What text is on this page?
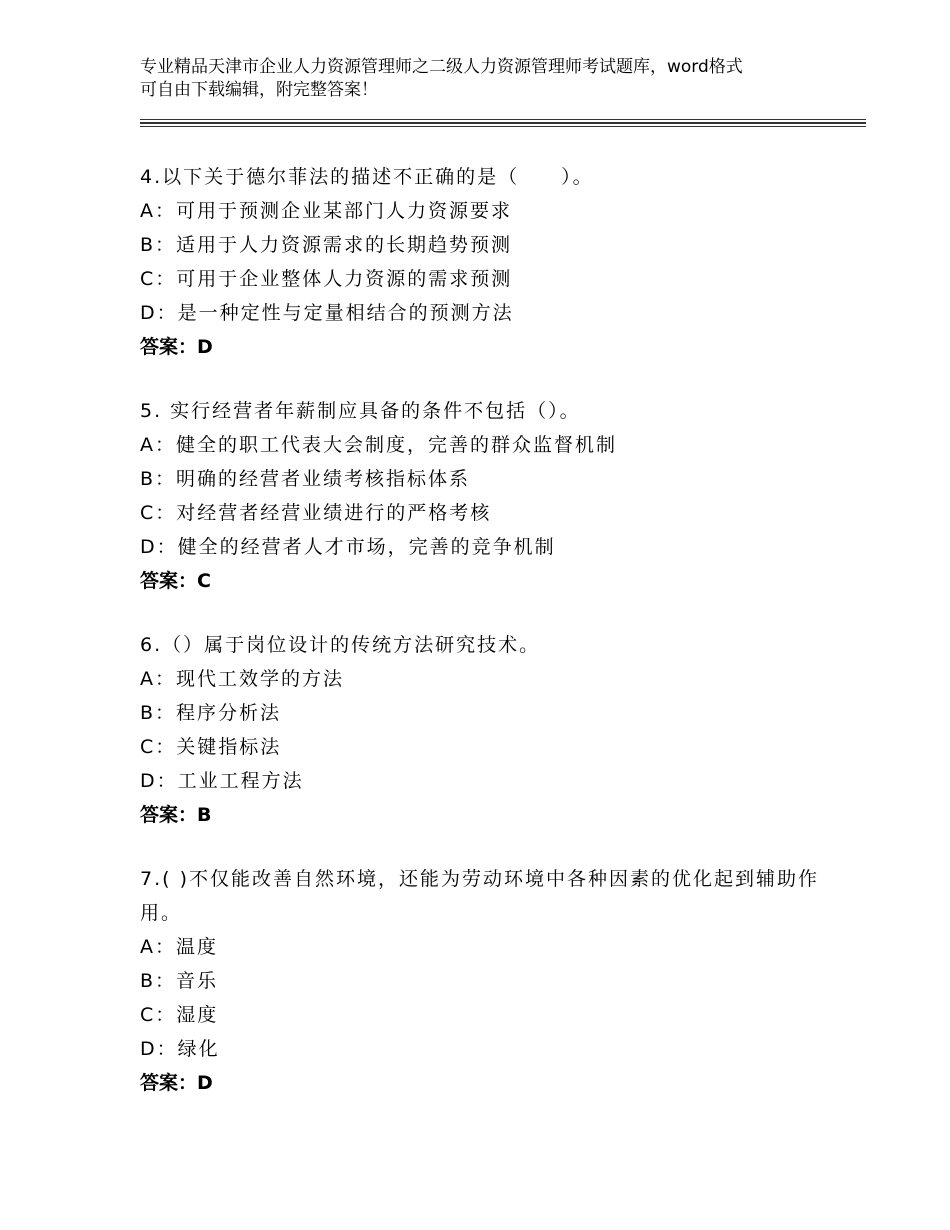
专业精品天津市企业人力资源管理师之二级人力资源管理师考试题库，word格式
可自由下载编辑，附完整答案！

4.以下关于德尔菲法的描述不正确的是（　　）。

A：可用于预测企业某部门人力资源要求

B：适用于人力资源需求的长期趋势预测

C：可用于企业整体人力资源的需求预测

D：是一种定性与定量相结合的预测方法

答案：D

5. 实行经营者年薪制应具备的条件不包括（）。

A：健全的职工代表大会制度，完善的群众监督机制

B：明确的经营者业绩考核指标体系

C：对经营者经营业绩进行的严格考核

D：健全的经营者人才市场，完善的竞争机制

答案：C

6.（）属于岗位设计的传统方法研究技术。

A：现代工效学的方法

B：程序分析法

C：关键指标法

D：工业工程方法

答案：B

7.( )不仅能改善自然环境，还能为劳动环境中各种因素的优化起到辅助作用。

A：温度

B：音乐

C：湿度

D：绿化

答案：D
